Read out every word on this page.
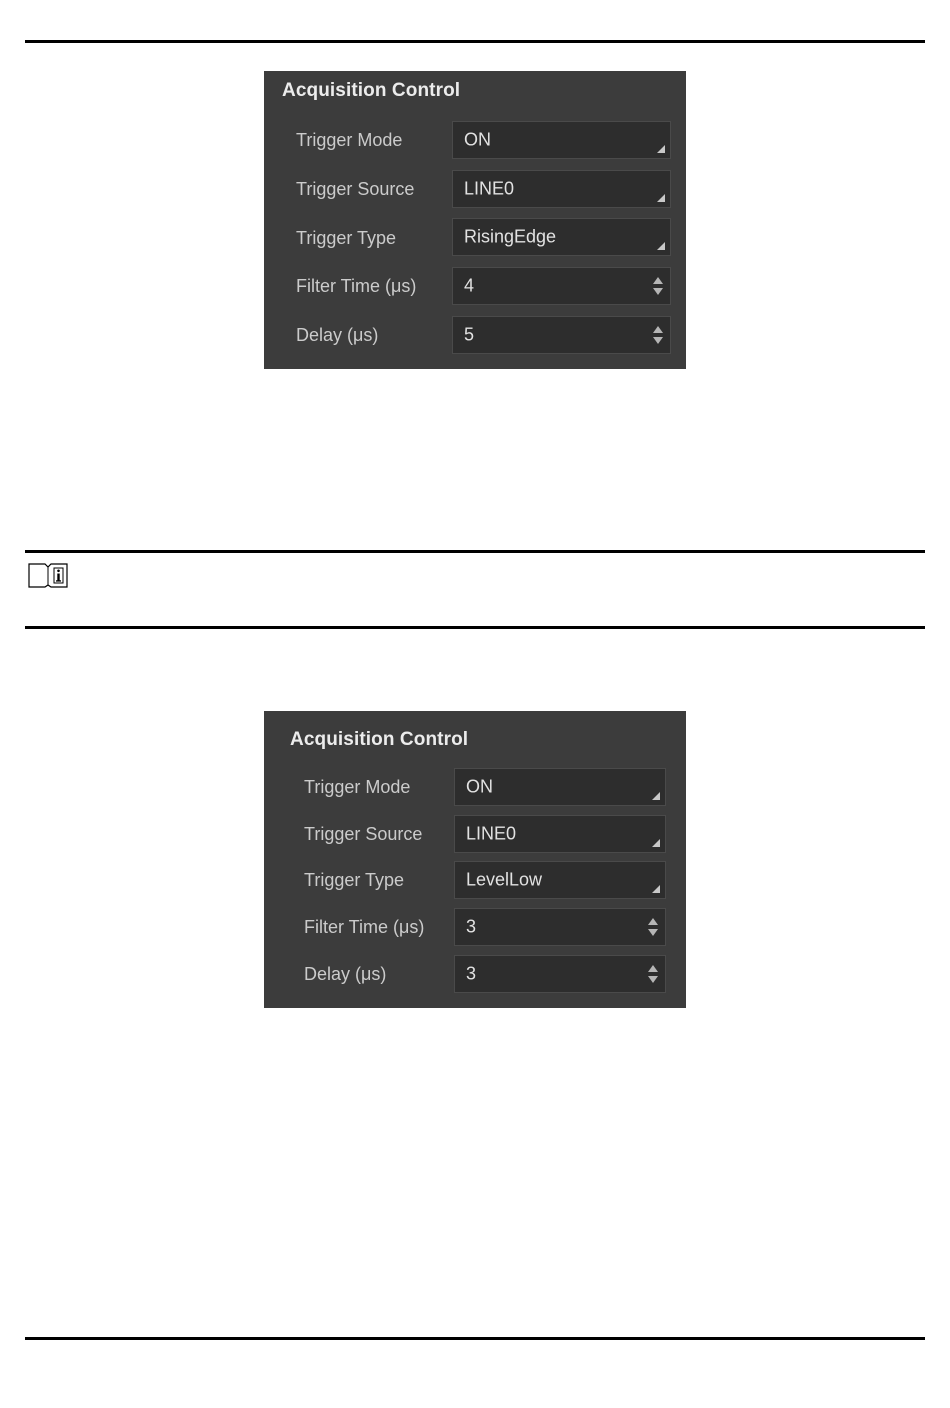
Acquisition Control
Trigger Mode	ON
Trigger Source	LINE0
Trigger Type	RisingEdge
Filter Time (μs)	4
Delay (μs)	5
Acquisition Control
Trigger Mode	ON
Trigger Source LINE0
Trigger Type	LevelLow
Filter Time (μs) 3
Delay (μs)	3
